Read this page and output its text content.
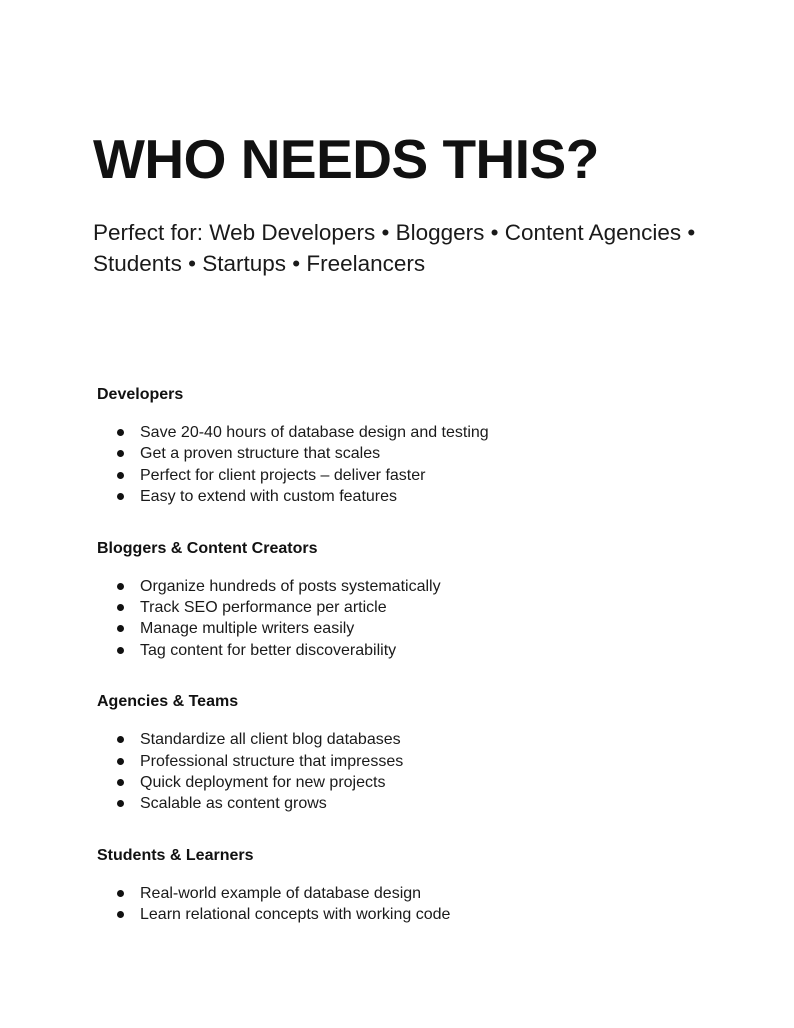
WHO NEEDS THIS?

Perfect for: Web Developers • Bloggers • Content Agencies • Students • Startups • Freelancers

Developers
Save 20-40 hours of database design and testing
Get a proven structure that scales
Perfect for client projects – deliver faster
Easy to extend with custom features
Bloggers & Content Creators
Organize hundreds of posts systematically
Track SEO performance per article
Manage multiple writers easily
Tag content for better discoverability
Agencies & Teams
Standardize all client blog databases
Professional structure that impresses
Quick deployment for new projects
Scalable as content grows
Students & Learners
Real-world example of database design
Learn relational concepts with working code
